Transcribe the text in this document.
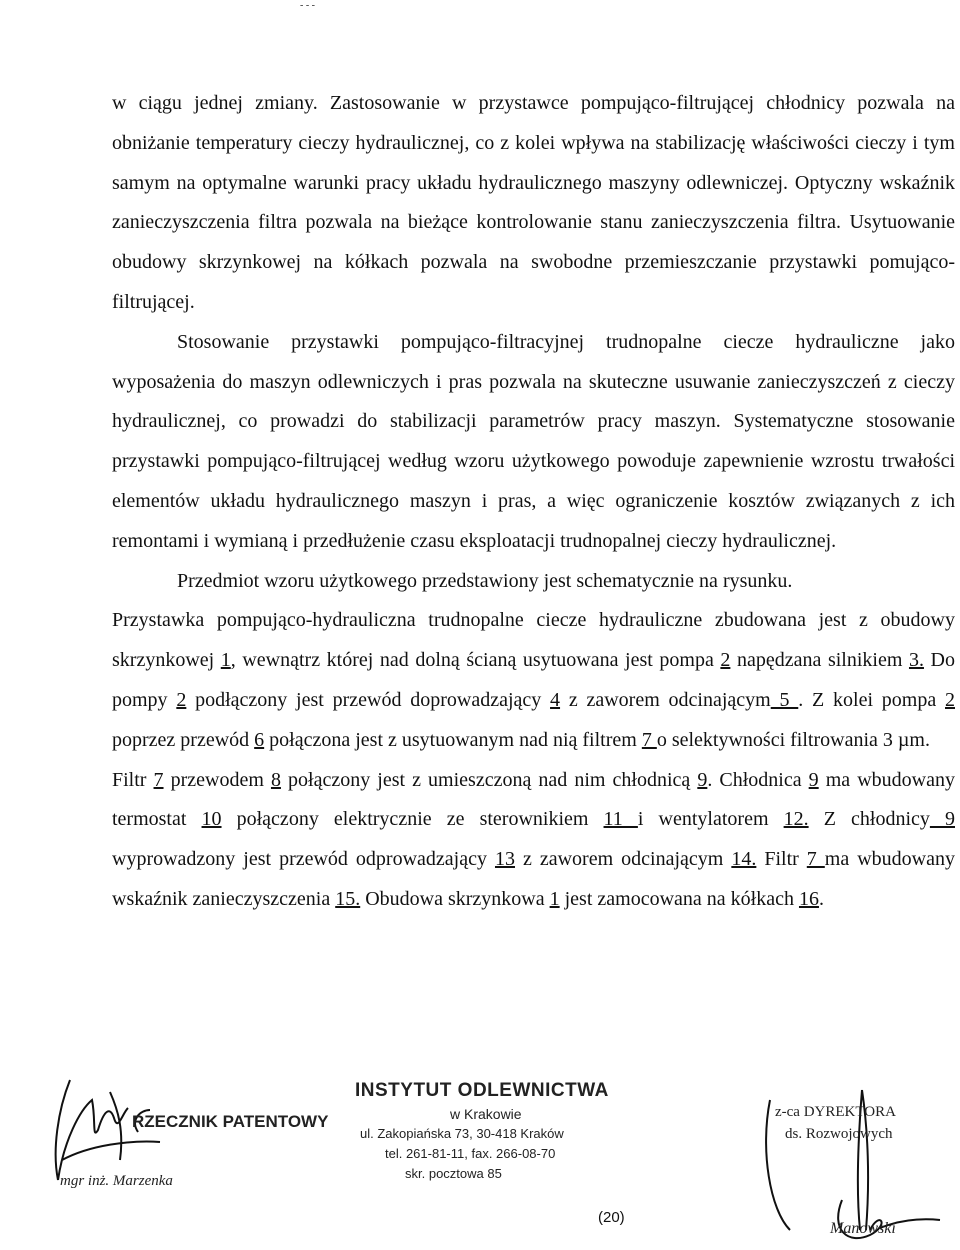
- - -

w ciągu jednej zmiany. Zastosowanie w przystawce pompująco-filtrującej chłodnicy pozwala na obniżanie temperatury cieczy hydraulicznej, co z kolei wpływa na stabilizację właściwości cieczy i tym samym na optymalne warunki pracy układu hydraulicznego maszyny odlewniczej. Optyczny wskaźnik zanieczyszczenia filtra pozwala na bieżące kontrolowanie stanu zanieczyszczenia filtra. Usytuowanie obudowy skrzynkowej na kółkach pozwala na swobodne przemieszczanie przystawki pomująco-filtrującej.

Stosowanie przystawki pompująco-filtracyjnej trudnopalne ciecze hydrauliczne jako wyposażenia do maszyn odlewniczych i pras pozwala na skuteczne usuwanie zanieczyszczeń z cieczy hydraulicznej, co prowadzi do stabilizacji parametrów pracy maszyn. Systematyczne stosowanie przystawki pompująco-filtrującej według wzoru użytkowego powoduje zapewnienie wzrostu trwałości elementów układu hydraulicznego maszyn i pras, a więc ograniczenie kosztów związanych z ich remontami i wymianą i przedłużenie czasu eksploatacji trudnopalnej cieczy hydraulicznej.

Przedmiot wzoru użytkowego przedstawiony jest schematycznie na rysunku.

Przystawka pompująco-hydrauliczna trudnopalne ciecze hydrauliczne zbudowana jest z obudowy skrzynkowej 1, wewnątrz której nad dolną ścianą usytuowana jest pompa 2 napędzana silnikiem 3. Do pompy 2 podłączony jest przewód doprowadzający 4 z zaworem odcinającym 5 . Z kolei pompa 2 poprzez przewód 6 połączona jest z usytuowanym nad nią filtrem 7 o selektywności filtrowania 3 µm.

Filtr 7 przewodem 8 połączony jest z umieszczoną nad nim chłodnicą 9. Chłodnica 9 ma wbudowany termostat 10 połączony elektrycznie ze sterownikiem 11 i wentylatorem 12. Z chłodnicy 9 wyprowadzony jest przewód odprowadzający 13 z zaworem odcinającym 14. Filtr 7 ma wbudowany wskaźnik zanieczyszczenia 15. Obudowa skrzynkowa 1 jest zamocowana na kółkach 16.

RZECZNIK PATENTOWY
mgr inż. Marzenka
INSTYTUT ODLEWNICTWA
w Krakowie
ul. Zakopiańska 73, 30-418 Kraków
tel. 261-81-11, fax. 266-08-70
skr. pocztowa 85
(20)
z-ca DYREKTORA
ds. Rozwojowych
Manowski
